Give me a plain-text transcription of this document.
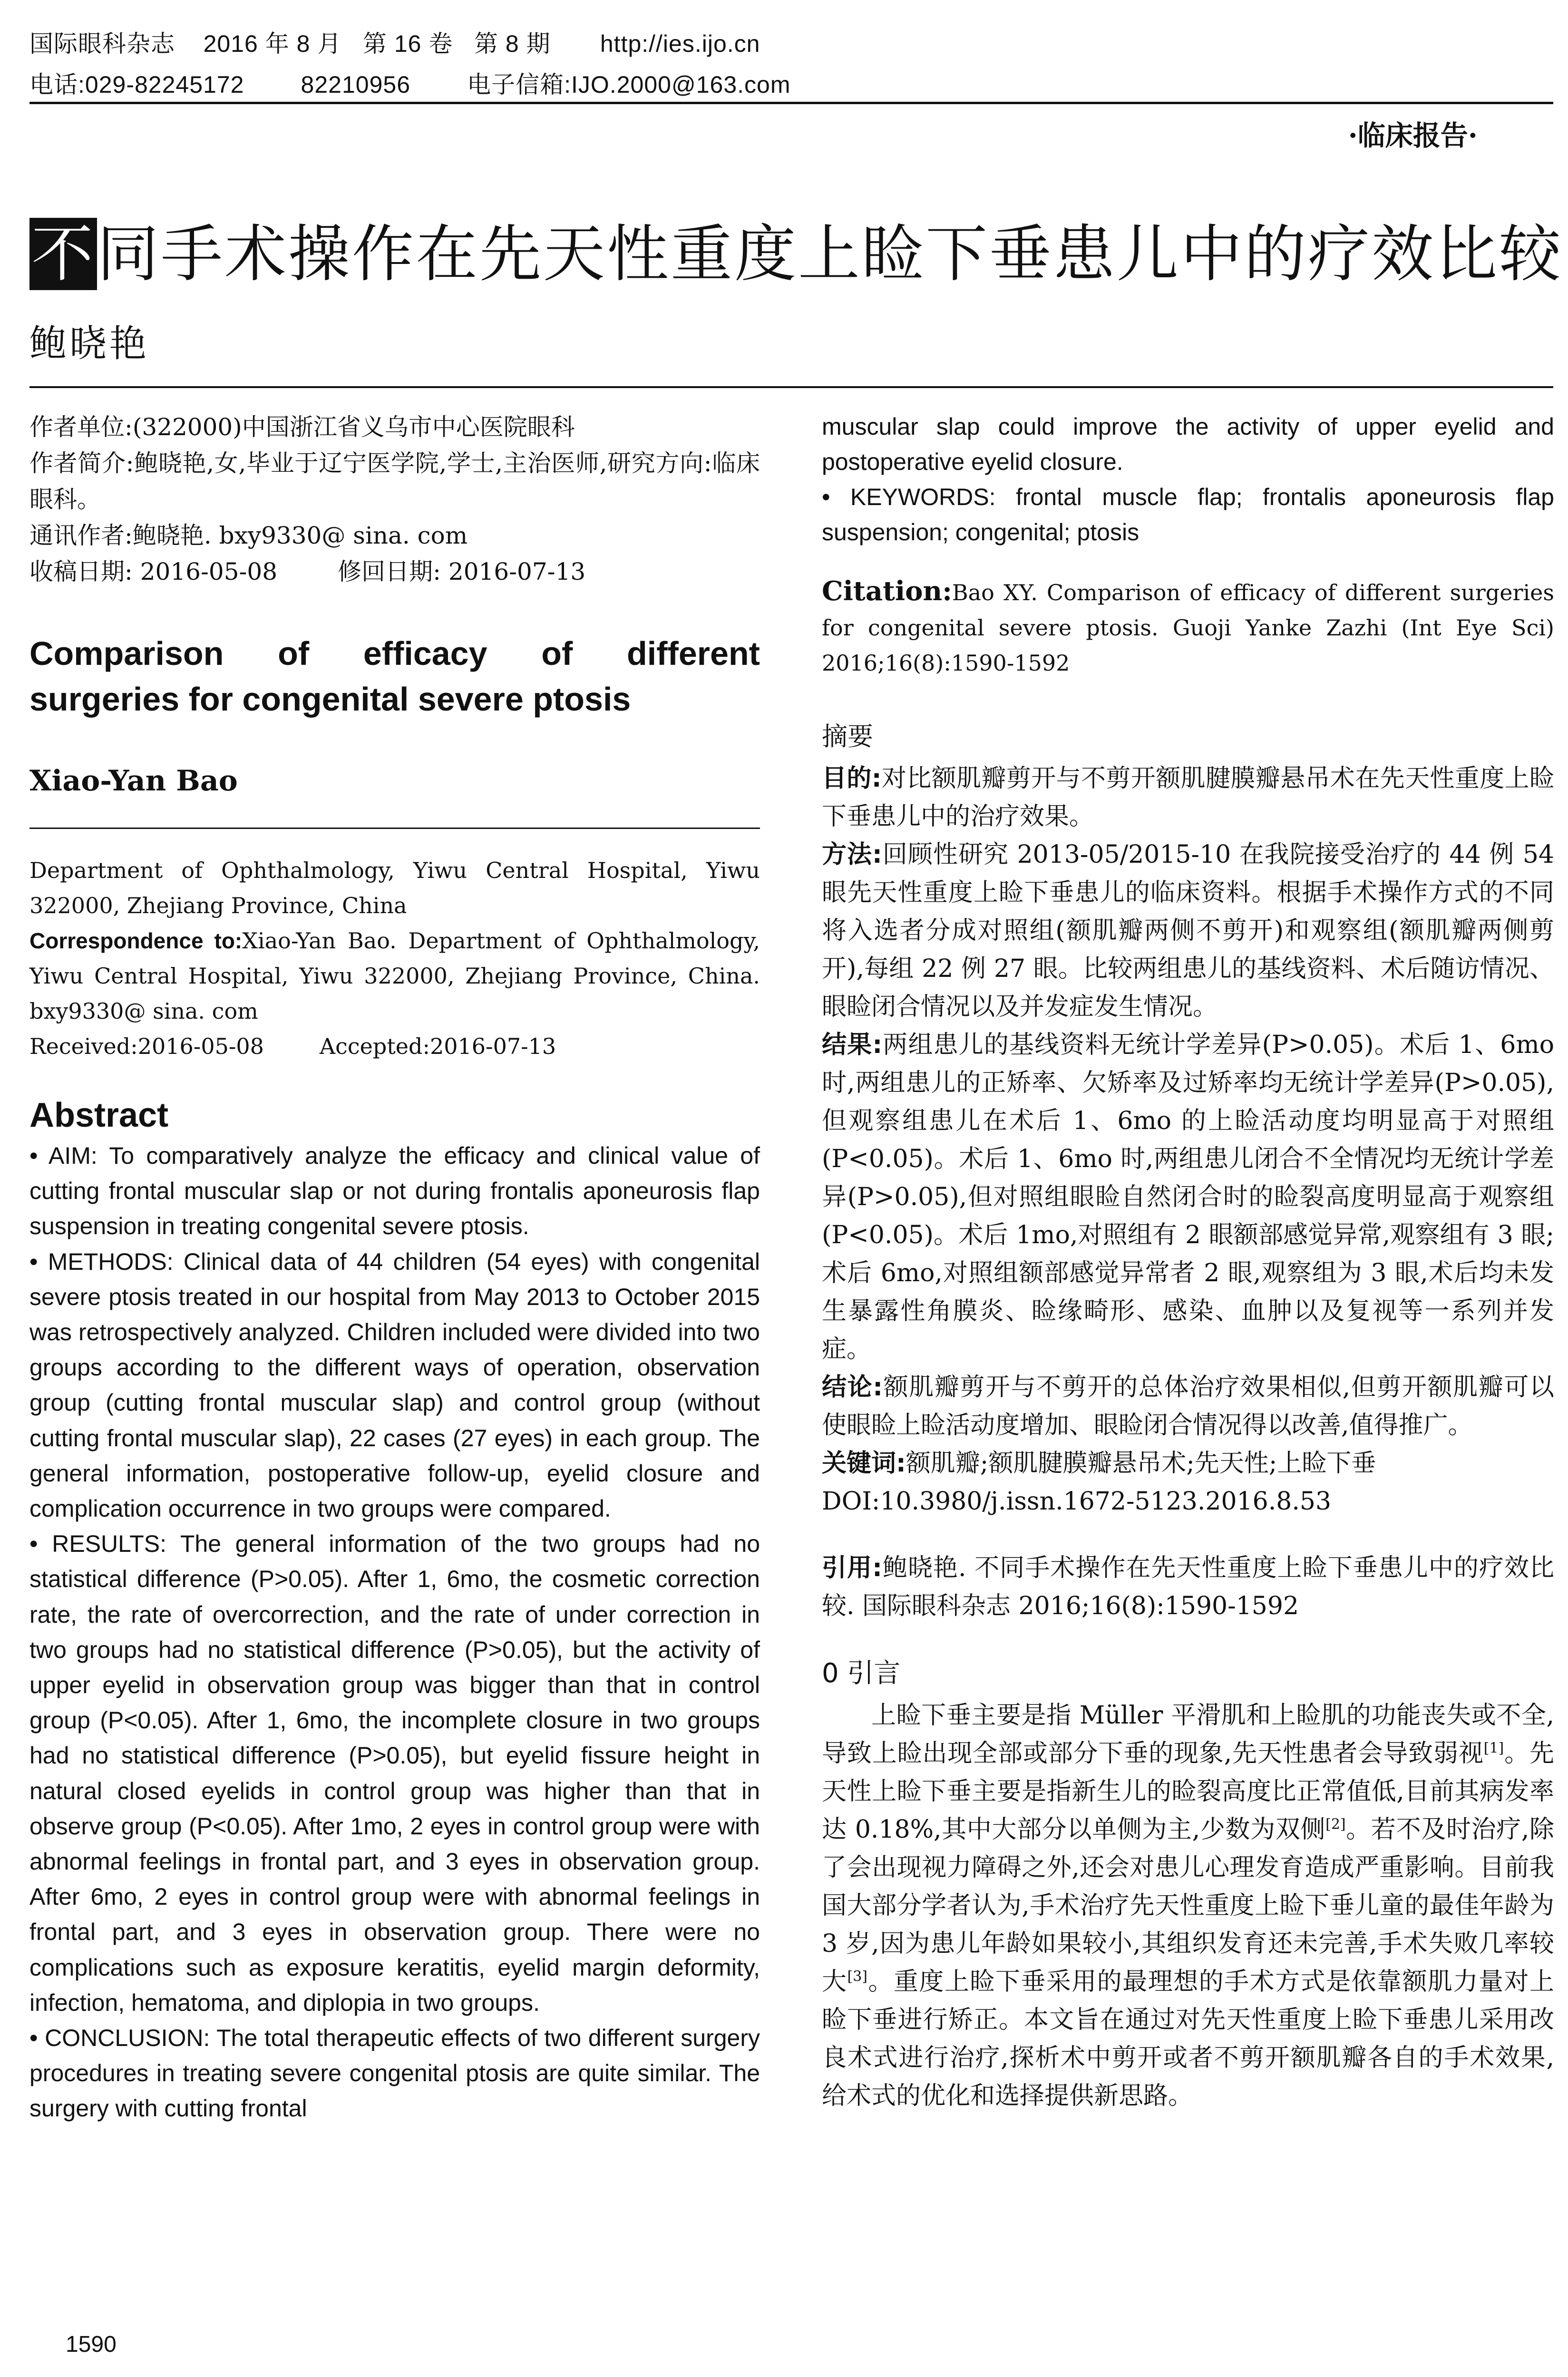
国际眼科杂志    2016 年 8 月   第 16 卷   第 8 期       http://ies.ijo.cn
电话:029-82245172        82210956        电子信箱:IJO.2000@163.com
·临床报告·
不同手术操作在先天性重度上睑下垂患儿中的疗效比较
鲍晓艳

作者单位:(322000)中国浙江省义乌市中心医院眼科

作者简介:鲍晓艳,女,毕业于辽宁医学院,学士,主治医师,研究方向:临床眼科。

通讯作者:鲍晓艳. bxy9330@ sina. com

收稿日期: 2016-05-08        修回日期: 2016-07-13

Comparison of efficacy of different
surgeries for congenital severe ptosis
Xiao-Yan Bao
Department of Ophthalmology, Yiwu Central Hospital, Yiwu 322000, Zhejiang Province, China
Correspondence to:Xiao-Yan Bao. Department of Ophthalmology, Yiwu Central Hospital, Yiwu 322000, Zhejiang Province, China. bxy9330@ sina. com
Received:2016-05-08        Accepted:2016-07-13
Abstract

• AIM: To comparatively analyze the efficacy and clinical value of cutting frontal muscular slap or not during frontalis aponeurosis flap suspension in treating congenital severe ptosis.

• METHODS: Clinical data of 44 children (54 eyes) with congenital severe ptosis treated in our hospital from May 2013 to October 2015 was retrospectively analyzed. Children included were divided into two groups according to the different ways of operation, observation group (cutting frontal muscular slap) and control group (without cutting frontal muscular slap), 22 cases (27 eyes) in each group. The general information, postoperative follow-up, eyelid closure and complication occurrence in two groups were compared.

• RESULTS: The general information of the two groups had no statistical difference (P>0.05). After 1, 6mo, the cosmetic correction rate, the rate of overcorrection, and the rate of under correction in two groups had no statistical difference (P>0.05), but the activity of upper eyelid in observation group was bigger than that in control group (P<0.05). After 1, 6mo, the incomplete closure in two groups had no statistical difference (P>0.05), but eyelid fissure height in natural closed eyelids in control group was higher than that in observe group (P<0.05). After 1mo, 2 eyes in control group were with abnormal feelings in frontal part, and 3 eyes in observation group. After 6mo, 2 eyes in control group were with abnormal feelings in frontal part, and 3 eyes in observation group. There were no complications such as exposure keratitis, eyelid margin deformity, infection, hematoma, and diplopia in two groups.

• CONCLUSION: The total therapeutic effects of two different surgery procedures in treating severe congenital ptosis are quite similar. The surgery with cutting frontal

muscular slap could improve the activity of upper eyelid and postoperative eyelid closure.

• KEYWORDS: frontal muscle flap; frontalis aponeurosis flap suspension; congenital; ptosis

Citation:Bao XY. Comparison of efficacy of different surgeries for congenital severe ptosis. Guoji Yanke Zazhi (Int Eye Sci) 2016;16(8):1590-1592

摘要

目的:对比额肌瓣剪开与不剪开额肌腱膜瓣悬吊术在先天性重度上睑下垂患儿中的治疗效果。

方法:回顾性研究 2013-05/2015-10 在我院接受治疗的 44 例 54 眼先天性重度上睑下垂患儿的临床资料。根据手术操作方式的不同将入选者分成对照组(额肌瓣两侧不剪开)和观察组(额肌瓣两侧剪开),每组 22 例 27 眼。比较两组患儿的基线资料、术后随访情况、眼睑闭合情况以及并发症发生情况。

结果:两组患儿的基线资料无统计学差异(P>0.05)。术后 1、6mo 时,两组患儿的正矫率、欠矫率及过矫率均无统计学差异(P>0.05),但观察组患儿在术后 1、6mo 的上睑活动度均明显高于对照组(P<0.05)。术后 1、6mo 时,两组患儿闭合不全情况均无统计学差异(P>0.05),但对照组眼睑自然闭合时的睑裂高度明显高于观察组(P<0.05)。术后 1mo,对照组有 2 眼额部感觉异常,观察组有 3 眼;术后 6mo,对照组额部感觉异常者 2 眼,观察组为 3 眼,术后均未发生暴露性角膜炎、睑缘畸形、感染、血肿以及复视等一系列并发症。

结论:额肌瓣剪开与不剪开的总体治疗效果相似,但剪开额肌瓣可以使眼睑上睑活动度增加、眼睑闭合情况得以改善,值得推广。

关键词:额肌瓣;额肌腱膜瓣悬吊术;先天性;上睑下垂

DOI:10.3980/j.issn.1672-5123.2016.8.53

引用:鲍晓艳. 不同手术操作在先天性重度上睑下垂患儿中的疗效比较. 国际眼科杂志 2016;16(8):1590-1592

0 引言

上睑下垂主要是指 Müller 平滑肌和上睑肌的功能丧失或不全,导致上睑出现全部或部分下垂的现象,先天性患者会导致弱视[1]。先天性上睑下垂主要是指新生儿的睑裂高度比正常值低,目前其病发率达 0.18%,其中大部分以单侧为主,少数为双侧[2]。若不及时治疗,除了会出现视力障碍之外,还会对患儿心理发育造成严重影响。目前我国大部分学者认为,手术治疗先天性重度上睑下垂儿童的最佳年龄为 3 岁,因为患儿年龄如果较小,其组织发育还未完善,手术失败几率较大[3]。重度上睑下垂采用的最理想的手术方式是依靠额肌力量对上睑下垂进行矫正。本文旨在通过对先天性重度上睑下垂患儿采用改良术式进行治疗,探析术中剪开或者不剪开额肌瓣各自的手术效果,给术式的优化和选择提供新思路。

1590
